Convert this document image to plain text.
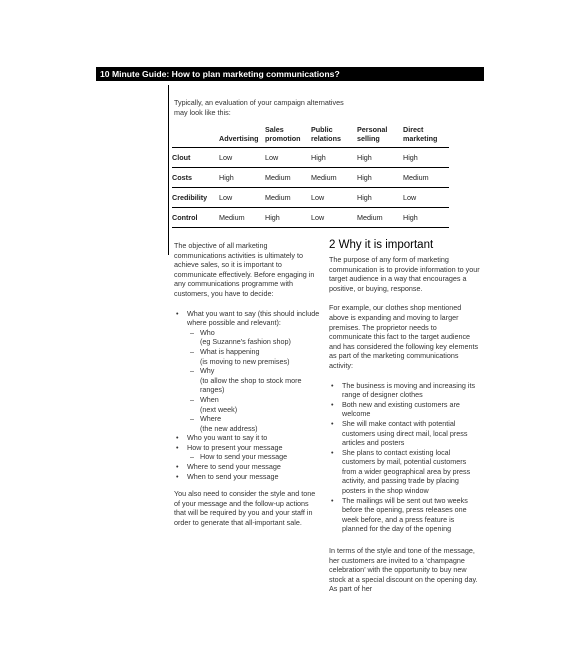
10 Minute Guide: How to plan marketing communications?
Typically, an evaluation of your campaign alternatives may look like this:
	Advertising	Sales promotion	Public relations	Personal selling	Direct marketing
Clout	Low	Low	High	High	High
Costs	High	Medium	Medium	High	Medium
Credibility	Low	Medium	Low	High	Low
Control	Medium	High	Low	Medium	High

The objective of all marketing communications activities is ultimately to achieve sales, so it is important to communicate effectively. Before engaging in any communications programme with customers, you have to decide:

• What you want to say (this should include where possible and relevant):
– Who
(eg Suzanne's fashion shop)
– What is happening
(is moving to new premises)
– Why
(to allow the shop to stock more ranges)
– When
(next week)
– Where
(the new address)
• Who you want to say it to
• How to present your message
– How to send your message
• Where to send your message
• When to send your message

You also need to consider the style and tone of your message and the follow-up actions that will be required by you and your staff in order to generate that all-important sale.

2 Why it is important

The purpose of any form of marketing communication is to provide information to your target audience in a way that encourages a positive, or buying, response.

For example, our clothes shop mentioned above is expanding and moving to larger premises. The proprietor needs to communicate this fact to the target audience and has considered the following key elements as part of the marketing communications activity:

• The business is moving and increasing its range of designer clothes
• Both new and existing customers are welcome
• She will make contact with potential customers using direct mail, local press articles and posters
• She plans to contact existing local customers by mail, potential customers from a wider geographical area by press activity, and passing trade by placing posters in the shop window
• The mailings will be sent out two weeks before the opening, press releases one week before, and a press feature is planned for the day of the opening

In terms of the style and tone of the message, her customers are invited to a ‘champagne celebration’ with the opportunity to buy new stock at a special discount on the opening day. As part of her
